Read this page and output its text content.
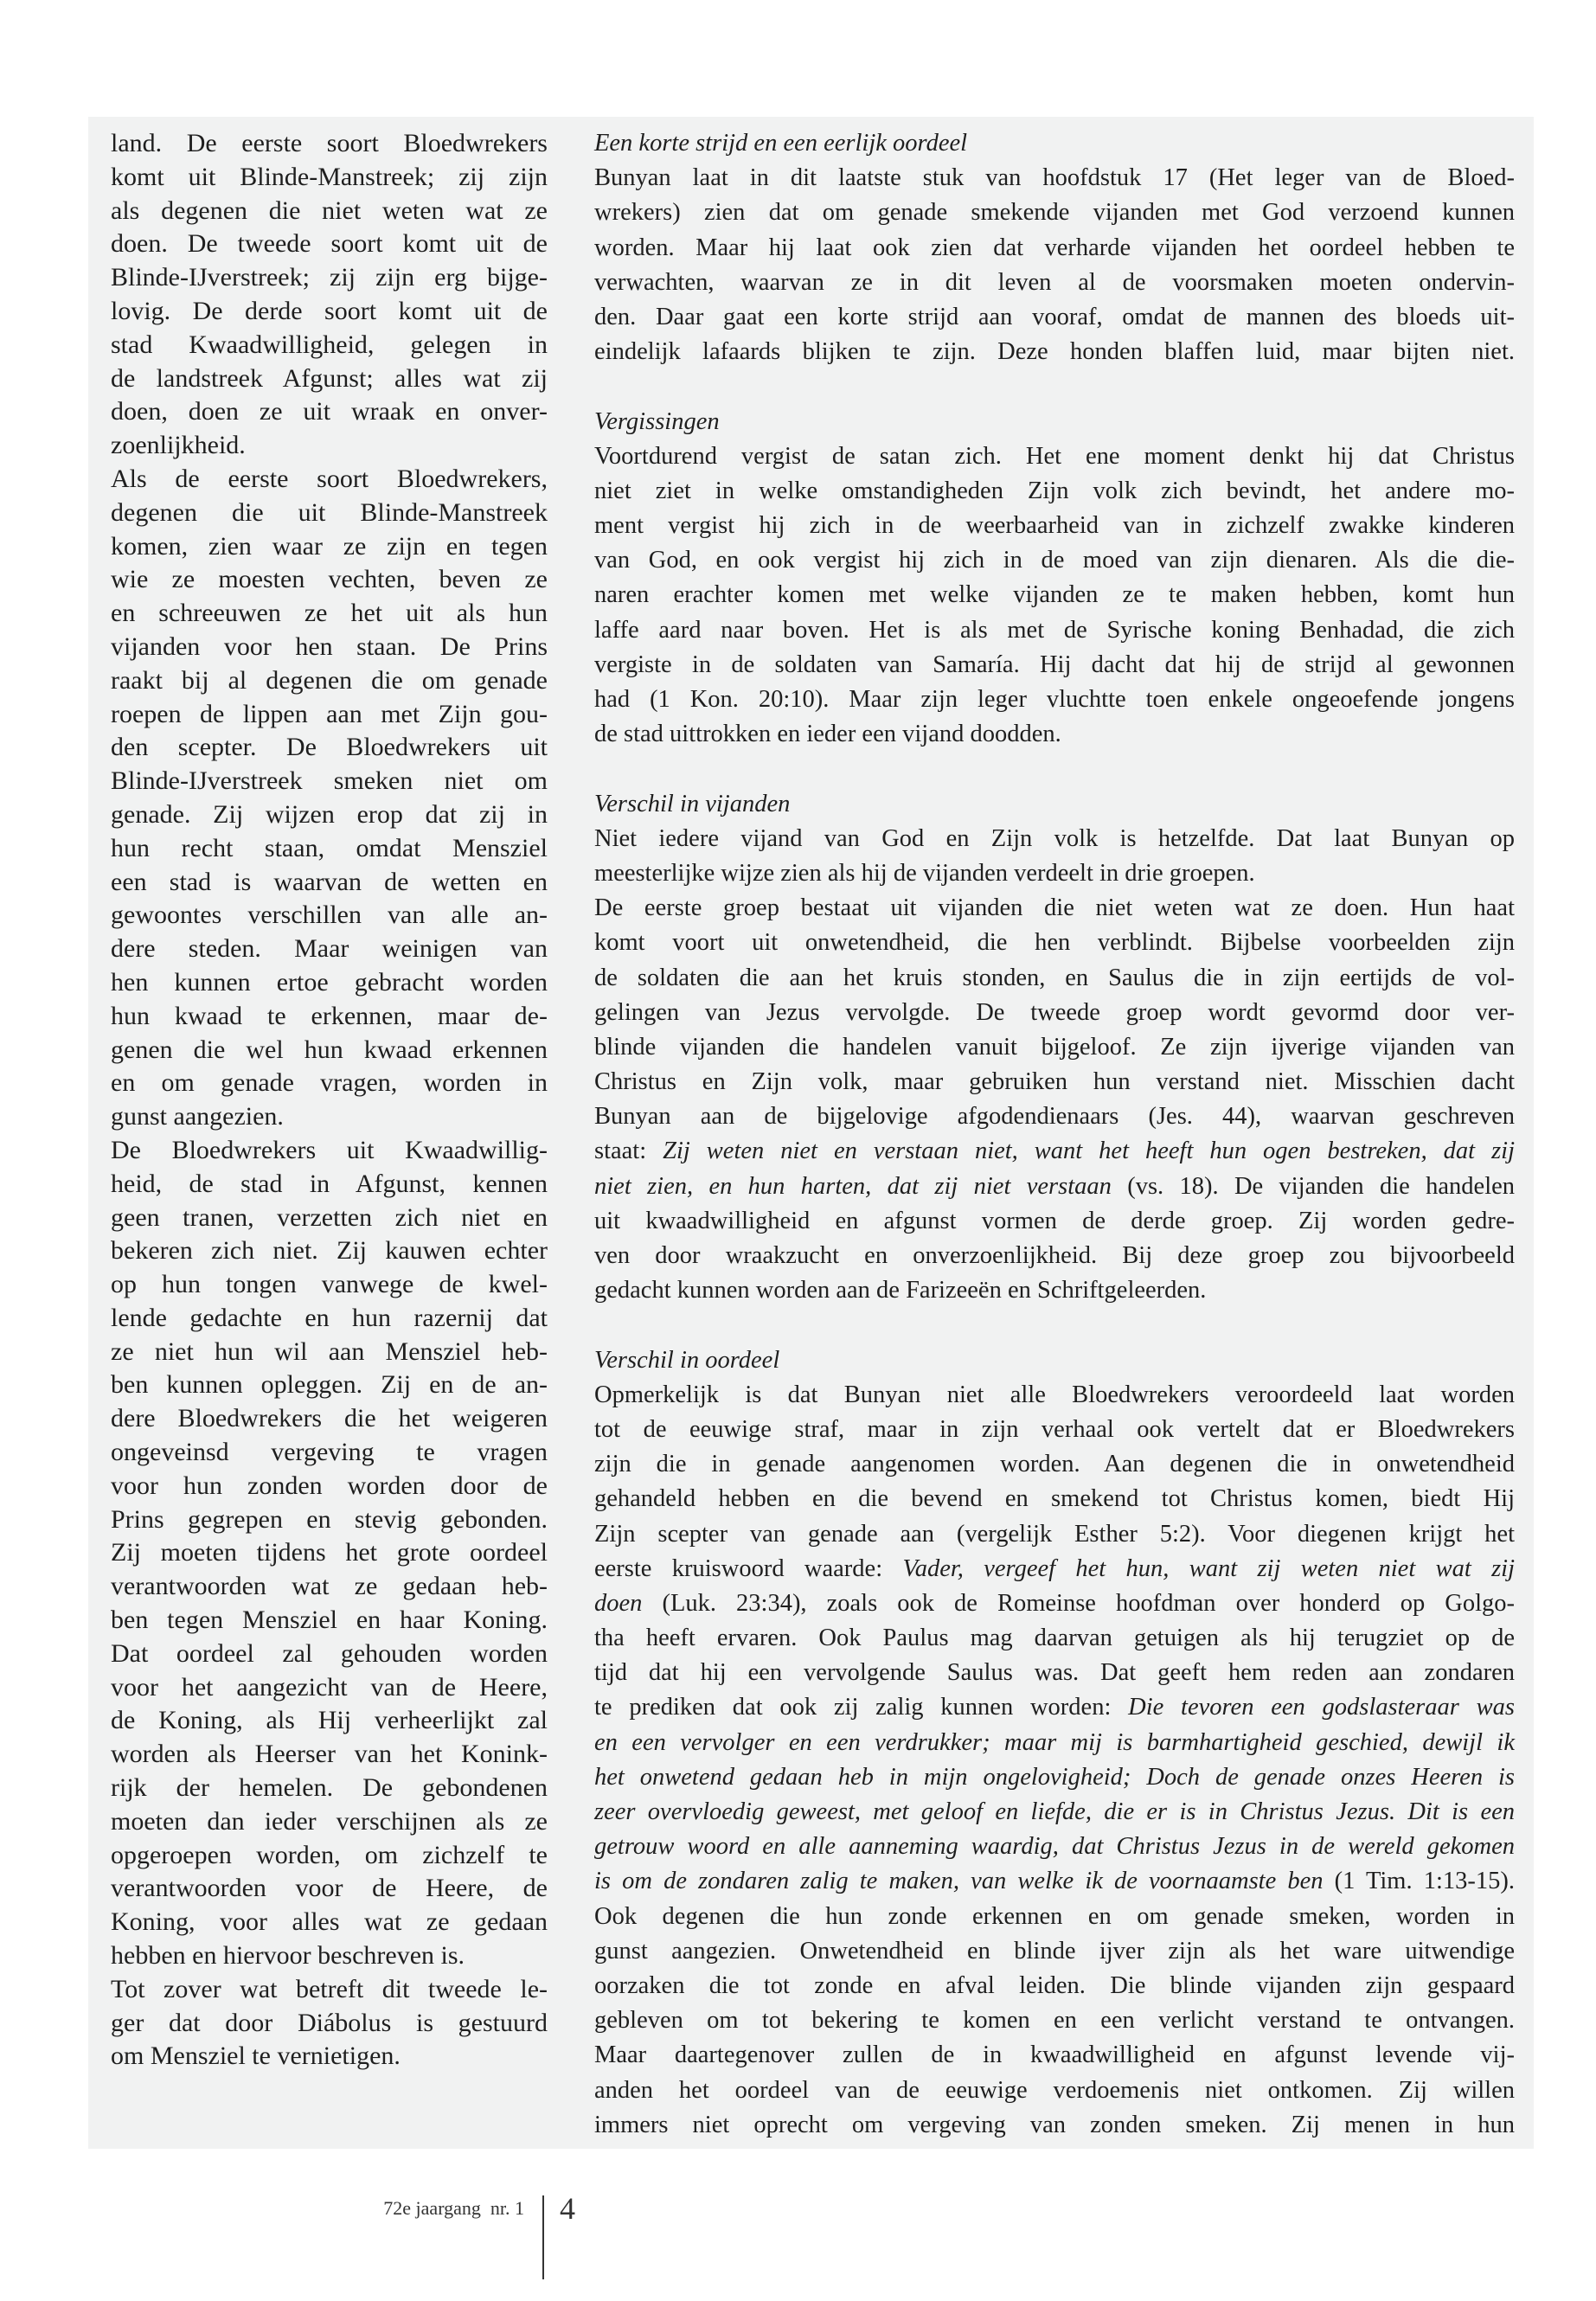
land. De eerste soort Bloedwrekers
komt uit Blinde-Manstreek; zij zijn
als degenen die niet weten wat ze
doen. De tweede soort komt uit de
Blinde-IJverstreek; zij zijn erg bijge-
lovig. De derde soort komt uit de
stad Kwaadwilligheid, gelegen in
de landstreek Afgunst; alles wat zij
doen, doen ze uit wraak en onver-
zoenlijkheid.
Als de eerste soort Bloedwrekers,
degenen die uit Blinde-Manstreek
komen, zien waar ze zijn en tegen
wie ze moesten vechten, beven ze
en schreeuwen ze het uit als hun
vijanden voor hen staan. De Prins
raakt bij al degenen die om genade
roepen de lippen aan met Zijn gou-
den scepter. De Bloedwrekers uit
Blinde-IJverstreek smeken niet om
genade. Zij wijzen erop dat zij in
hun recht staan, omdat Mensziel
een stad is waarvan de wetten en
gewoontes verschillen van alle an-
dere steden. Maar weinigen van
hen kunnen ertoe gebracht worden
hun kwaad te erkennen, maar de-
genen die wel hun kwaad erkennen
en om genade vragen, worden in
gunst aangezien.
De Bloedwrekers uit Kwaadwillig-
heid, de stad in Afgunst, kennen
geen tranen, verzetten zich niet en
bekeren zich niet. Zij kauwen echter
op hun tongen vanwege de kwel-
lende gedachte en hun razernij dat
ze niet hun wil aan Mensziel heb-
ben kunnen opleggen. Zij en de an-
dere Bloedwrekers die het weigeren
ongeveinsd vergeving te vragen
voor hun zonden worden door de
Prins gegrepen en stevig gebonden.
Zij moeten tijdens het grote oordeel
verantwoorden wat ze gedaan heb-
ben tegen Mensziel en haar Koning.
Dat oordeel zal gehouden worden
voor het aangezicht van de Heere,
de Koning, als Hij verheerlijkt zal
worden als Heerser van het Konink-
rijk der hemelen. De gebondenen
moeten dan ieder verschijnen als ze
opgeroepen worden, om zichzelf te
verantwoorden voor de Heere, de
Koning, voor alles wat ze gedaan
hebben en hiervoor beschreven is.
Tot zover wat betreft dit tweede le-
ger dat door Diábolus is gestuurd
om Mensziel te vernietigen.
Een korte strijd en een eerlijk oordeel
Bunyan laat in dit laatste stuk van hoofdstuk 17 (Het leger van de Bloed-
wrekers) zien dat om genade smekende vijanden met God verzoend kunnen
worden. Maar hij laat ook zien dat verharde vijanden het oordeel hebben te
verwachten, waarvan ze in dit leven al de voorsmaken moeten ondervin-
den. Daar gaat een korte strijd aan vooraf, omdat de mannen des bloeds uit-
eindelijk lafaards blijken te zijn. Deze honden blaffen luid, maar bijten niet.
Vergissingen
Voortdurend vergist de satan zich. Het ene moment denkt hij dat Christus
niet ziet in welke omstandigheden Zijn volk zich bevindt, het andere mo-
ment vergist hij zich in de weerbaarheid van in zichzelf zwakke kinderen
van God, en ook vergist hij zich in de moed van zijn dienaren. Als die die-
naren erachter komen met welke vijanden ze te maken hebben, komt hun
laffe aard naar boven. Het is als met de Syrische koning Benhadad, die zich
vergiste in de soldaten van Samaría. Hij dacht dat hij de strijd al gewonnen
had (1 Kon. 20:10). Maar zijn leger vluchtte toen enkele ongeoefende jongens
de stad uittrokken en ieder een vijand doodden.
Verschil in vijanden
Niet iedere vijand van God en Zijn volk is hetzelfde. Dat laat Bunyan op
meesterlijke wijze zien als hij de vijanden verdeelt in drie groepen.
De eerste groep bestaat uit vijanden die niet weten wat ze doen. Hun haat
komt voort uit onwetendheid, die hen verblindt. Bijbelse voorbeelden zijn
de soldaten die aan het kruis stonden, en Saulus die in zijn eertijds de vol-
gelingen van Jezus vervolgde. De tweede groep wordt gevormd door ver-
blinde vijanden die handelen vanuit bijgeloof. Ze zijn ijverige vijanden van
Christus en Zijn volk, maar gebruiken hun verstand niet. Misschien dacht
Bunyan aan de bijgelovige afgodendienaars (Jes. 44), waarvan geschreven
staat: Zij weten niet en verstaan niet, want het heeft hun ogen bestreken, dat zij
niet zien, en hun harten, dat zij niet verstaan (vs. 18). De vijanden die handelen
uit kwaadwilligheid en afgunst vormen de derde groep. Zij worden gedre-
ven door wraakzucht en onverzoenlijkheid. Bij deze groep zou bijvoorbeeld
gedacht kunnen worden aan de Farizeeën en Schriftgeleerden.
Verschil in oordeel
Opmerkelijk is dat Bunyan niet alle Bloedwrekers veroordeeld laat worden
tot de eeuwige straf, maar in zijn verhaal ook vertelt dat er Bloedwrekers
zijn die in genade aangenomen worden. Aan degenen die in onwetendheid
gehandeld hebben en die bevend en smekend tot Christus komen, biedt Hij
Zijn scepter van genade aan (vergelijk Esther 5:2). Voor diegenen krijgt het
eerste kruiswoord waarde: Vader, vergeef het hun, want zij weten niet wat zij
doen (Luk. 23:34), zoals ook de Romeinse hoofdman over honderd op Golgo-
tha heeft ervaren. Ook Paulus mag daarvan getuigen als hij terugziet op de
tijd dat hij een vervolgende Saulus was. Dat geeft hem reden aan zondaren
te prediken dat ook zij zalig kunnen worden: Die tevoren een godslasteraar was
en een vervolger en een verdrukker; maar mij is barmhartigheid geschied, dewijl ik
het onwetend gedaan heb in mijn ongelovigheid; Doch de genade onzes Heeren is
zeer overvloedig geweest, met geloof en liefde, die er is in Christus Jezus. Dit is een
getrouw woord en alle aanneming waardig, dat Christus Jezus in de wereld gekomen
is om de zondaren zalig te maken, van welke ik de voornaamste ben (1 Tim. 1:13-15).
Ook degenen die hun zonde erkennen en om genade smeken, worden in
gunst aangezien. Onwetendheid en blinde ijver zijn als het ware uitwendige
oorzaken die tot zonde en afval leiden. Die blinde vijanden zijn gespaard
gebleven om tot bekering te komen en een verlicht verstand te ontvangen.
Maar daartegenover zullen de in kwaadwilligheid en afgunst levende vij-
anden het oordeel van de eeuwige verdoemenis niet ontkomen. Zij willen
immers niet oprecht om vergeving van zonden smeken. Zij menen in hun
72e jaargang  nr. 1 4
